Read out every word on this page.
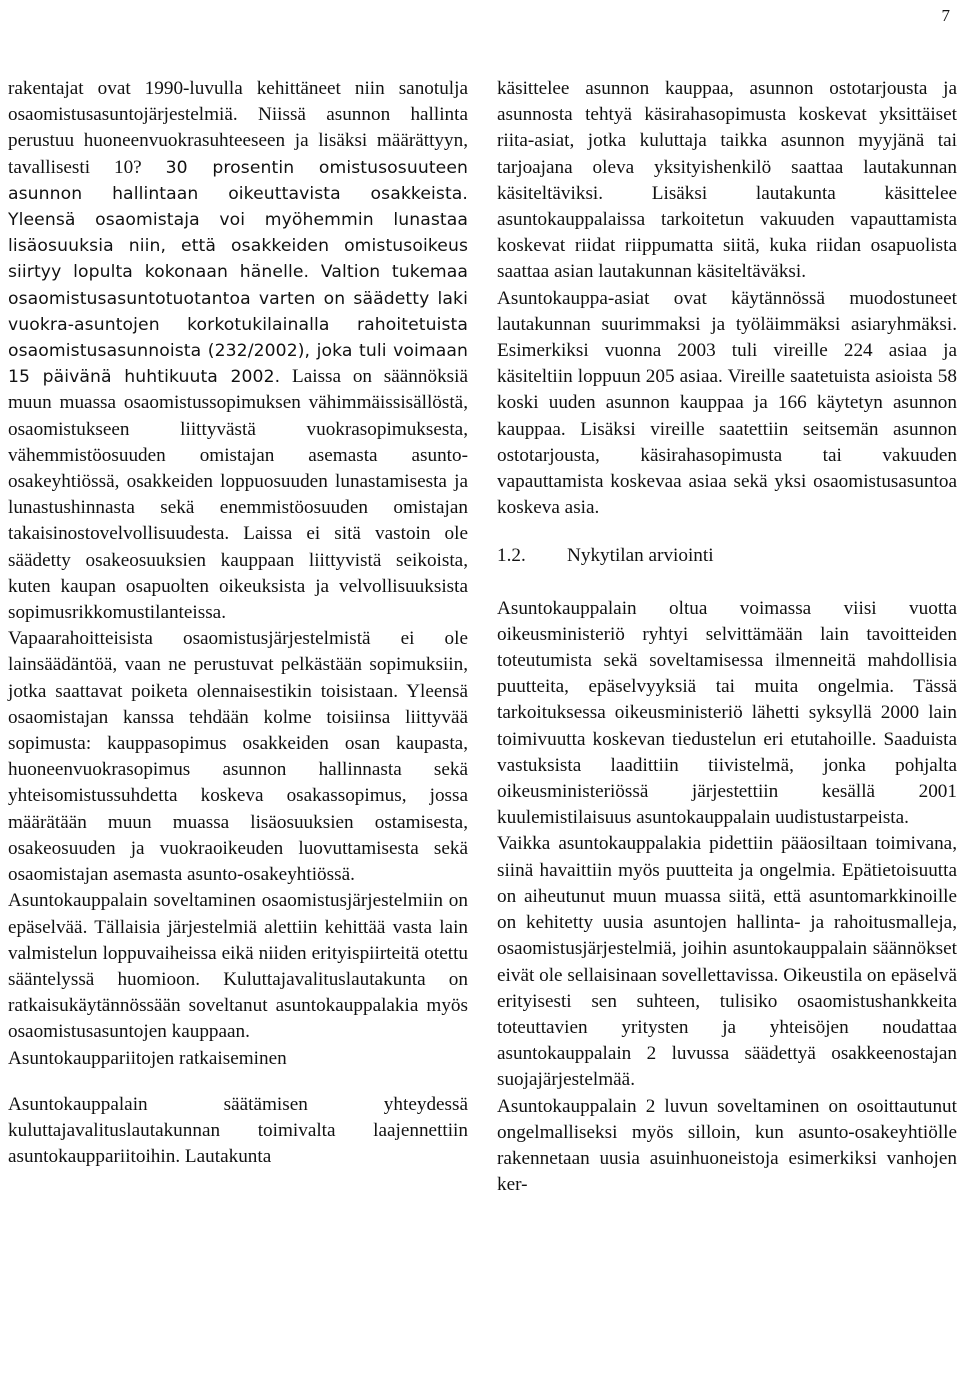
7

rakentajat ovat 1990-luvulla kehittäneet niin sanotulja osaomistusasuntojärjestelmiä. Niissä asunnon hallinta perustuu huoneenvuokrasuhteeseen ja lisäksi määrättyyn, tavallisesti 10? 30 prosentin omistusosuuteen asunnon hallintaan oikeuttavista osakkeista. Yleensä osaomistaja voi myöhemmin lunastaa lisäosuuksia niin, että osakkeiden omistusoikeus siirtyy lopulta kokonaan hänelle. Valtion tukemaa osaomistusasuntotuotantoa varten on säädetty laki vuokra-asuntojen korkotukilainalla rahoitetuista osaomistusasunnoista (232/2002), joka tuli voimaan 15 päivänä huhtikuuta 2002. Laissa on säännöksiä muun muassa osaomistussopimuksen vähimmäissisällöstä, osaomistukseen liittyvästä vuokrasopimuksesta, vähemmistöosuuden omistajan asemasta asunto-osakeyhtiössä, osakkeiden loppuosuuden lunastamisesta ja lunastushinnasta sekä enemmistöosuuden omistajan takaisinostovelvollisuudesta. Laissa ei sitä vastoin ole säädetty osakeosuuksien kauppaan liittyvistä seikoista, kuten kaupan osapuolten oikeuksista ja velvollisuuksista sopimusrikkomustilanteissa.

Vapaarahoitteisista osaomistusjärjestelmistä ei ole lainsäädäntöä, vaan ne perustuvat pelkästään sopimuksiin, jotka saattavat poiketa olennaisestikin toisistaan. Yleensä osaomistajan kanssa tehdään kolme toisiinsa liittyvää sopimusta: kauppasopimus osakkeiden osan kaupasta, huoneenvuokrasopimus asunnon hallinnasta sekä yhteisomistussuhdetta koskeva osakassopimus, jossa määrätään muun muassa lisäosuuksien ostamisesta, osakeosuuden ja vuokraoikeuden luovuttamisesta sekä osaomistajan asemasta asunto-osakeyhtiössä.

Asuntokauppalain soveltaminen osaomistusjärjestelmiin on epäselvää. Tällaisia järjestelmiä alettiin kehittää vasta lain valmistelun loppuvaiheissa eikä niiden erityispiirteitä otettu sääntelyssä huomioon. Kuluttajavalituslautakunta on ratkaisukäytännössään soveltanut asuntokauppalakia myös osaomistusasuntojen kauppaan.

Asuntokauppariitojen ratkaiseminen

Asuntokauppalain säätämisen yhteydessä kuluttajavalituslautakunnan toimivalta laajennettiin asuntokauppariitoihin. Lautakunta

käsittelee asunnon kauppaa, asunnon ostotarjousta ja asunnosta tehtyä käsirahasopimusta koskevat yksittäiset riita-asiat, jotka kuluttaja taikka asunnon myyjänä tai tarjoajana oleva yksityishenkilö saattaa lautakunnan käsiteltäviksi. Lisäksi lautakunta käsittelee asuntokauppalaissa tarkoitetun vakuuden vapauttamista koskevat riidat riippumatta siitä, kuka riidan osapuolista saattaa asian lautakunnan käsiteltäväksi.

Asuntokauppa-asiat ovat käytännössä muodostuneet lautakunnan suurimmaksi ja työläimmäksi asiaryhmäksi. Esimerkiksi vuonna 2003 tuli vireille 224 asiaa ja käsiteltiin loppuun 205 asiaa. Vireille saatetuista asioista 58 koski uuden asunnon kauppaa ja 166 käytetyn asunnon kauppaa. Lisäksi vireille saatettiin seitsemän asunnon ostotarjousta, käsirahasopimusta tai vakuuden vapauttamista koskevaa asiaa sekä yksi osaomistusasuntoa koskeva asia.

1.2.	Nykytilan arviointi

Asuntokauppalain oltua voimassa viisi vuotta oikeusministeriö ryhtyi selvittämään lain tavoitteiden toteutumista sekä soveltamisessa ilmenneitä mahdollisia puutteita, epäselvyyksiä tai muita ongelmia. Tässä tarkoituksessa oikeusministeriö lähetti syksyllä 2000 lain toimivuutta koskevan tiedustelun eri etutahoille. Saaduista vastuksista laadittiin tiivistelmä, jonka pohjalta oikeusministeriössä järjestettiin kesällä 2001 kuulemistilaisuus asuntokauppalain uudistustarpeista.

Vaikka asuntokauppalakia pidettiin pääosiltaan toimivana, siinä havaittiin myös puutteita ja ongelmia. Epätietoisuutta on aiheutunut muun muassa siitä, että asuntomarkkinoille on kehitetty uusia asuntojen hallinta- ja rahoitusmalleja, osaomistusjärjestelmiä, joihin asuntokauppalain säännökset eivät ole sellaisinaan sovellettavissa. Oikeustila on epäselvä erityisesti sen suhteen, tulisiko osaomistushankkeita toteuttavien yritysten ja yhteisöjen noudattaa asuntokauppalain 2 luvussa säädettyä osakkeenostajan suojajärjestelmää.

Asuntokauppalain 2 luvun soveltaminen on osoittautunut ongelmalliseksi myös silloin, kun asunto-osakeyhtiölle rakennetaan uusia asuinhuoneistoja esimerkiksi vanhojen ker-
